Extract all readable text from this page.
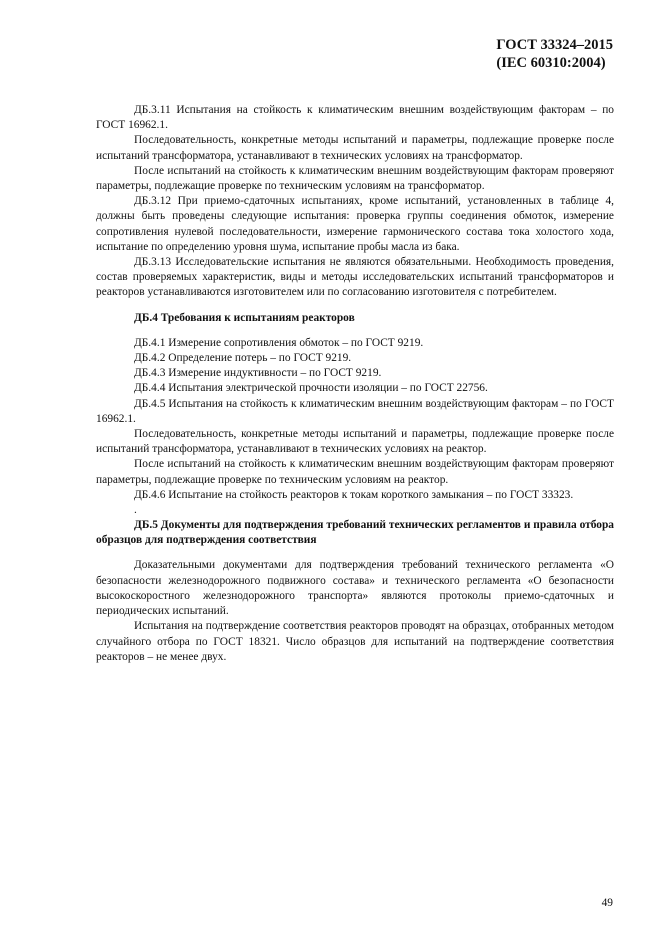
ГОСТ 33324–2015
(IEC 60310:2004)

ДБ.3.11 Испытания на стойкость к климатическим внешним воздействующим факторам – по ГОСТ 16962.1.

Последовательность, конкретные методы испытаний и параметры, подлежащие проверке после испытаний трансформатора, устанавливают в технических условиях на трансформатор.

После испытаний на стойкость к климатическим внешним воздействующим факторам проверяют параметры, подлежащие проверке по техническим условиям на трансформатор.

ДБ.3.12 При приемо-сдаточных испытаниях, кроме испытаний, установленных в таблице 4, должны быть проведены следующие испытания: проверка группы соединения обмоток, измерение сопротивления нулевой последовательности, измерение гармонического состава тока холостого хода, испытание по определению уровня шума, испытание пробы масла из бака.

ДБ.3.13 Исследовательские испытания не являются обязательными. Необходимость проведения, состав проверяемых характеристик, виды и методы исследовательских испытаний трансформаторов и реакторов устанавливаются изготовителем или по согласованию изготовителя с потребителем.

ДБ.4 Требования к испытаниям реакторов

ДБ.4.1 Измерение сопротивления обмоток – по ГОСТ 9219.

ДБ.4.2 Определение потерь – по ГОСТ 9219.

ДБ.4.3 Измерение индуктивности – по ГОСТ 9219.

ДБ.4.4 Испытания электрической прочности изоляции – по ГОСТ 22756.

ДБ.4.5 Испытания на стойкость к климатическим внешним воздействующим факторам – по ГОСТ 16962.1.

Последовательность, конкретные методы испытаний и параметры, подлежащие проверке после испытаний трансформатора, устанавливают в технических условиях на реактор.

После испытаний на стойкость к климатическим внешним воздействующим факторам проверяют параметры, подлежащие проверке по техническим условиям на реактор.

ДБ.4.6 Испытание на стойкость реакторов к токам короткого замыкания – по ГОСТ 33323.

.

ДБ.5 Документы для подтверждения требований технических регламентов и правила отбора образцов для подтверждения соответствия

Доказательными документами для подтверждения требований технического регламента «О безопасности железнодорожного подвижного состава» и технического регламента «О безопасности высокоскоростного железнодорожного транспорта» являются протоколы приемо-сдаточных и периодических испытаний.

Испытания на подтверждение соответствия реакторов проводят на образцах, отобранных методом случайного отбора по ГОСТ 18321. Число образцов для испытаний на подтверждение соответствия реакторов – не менее двух.

49
